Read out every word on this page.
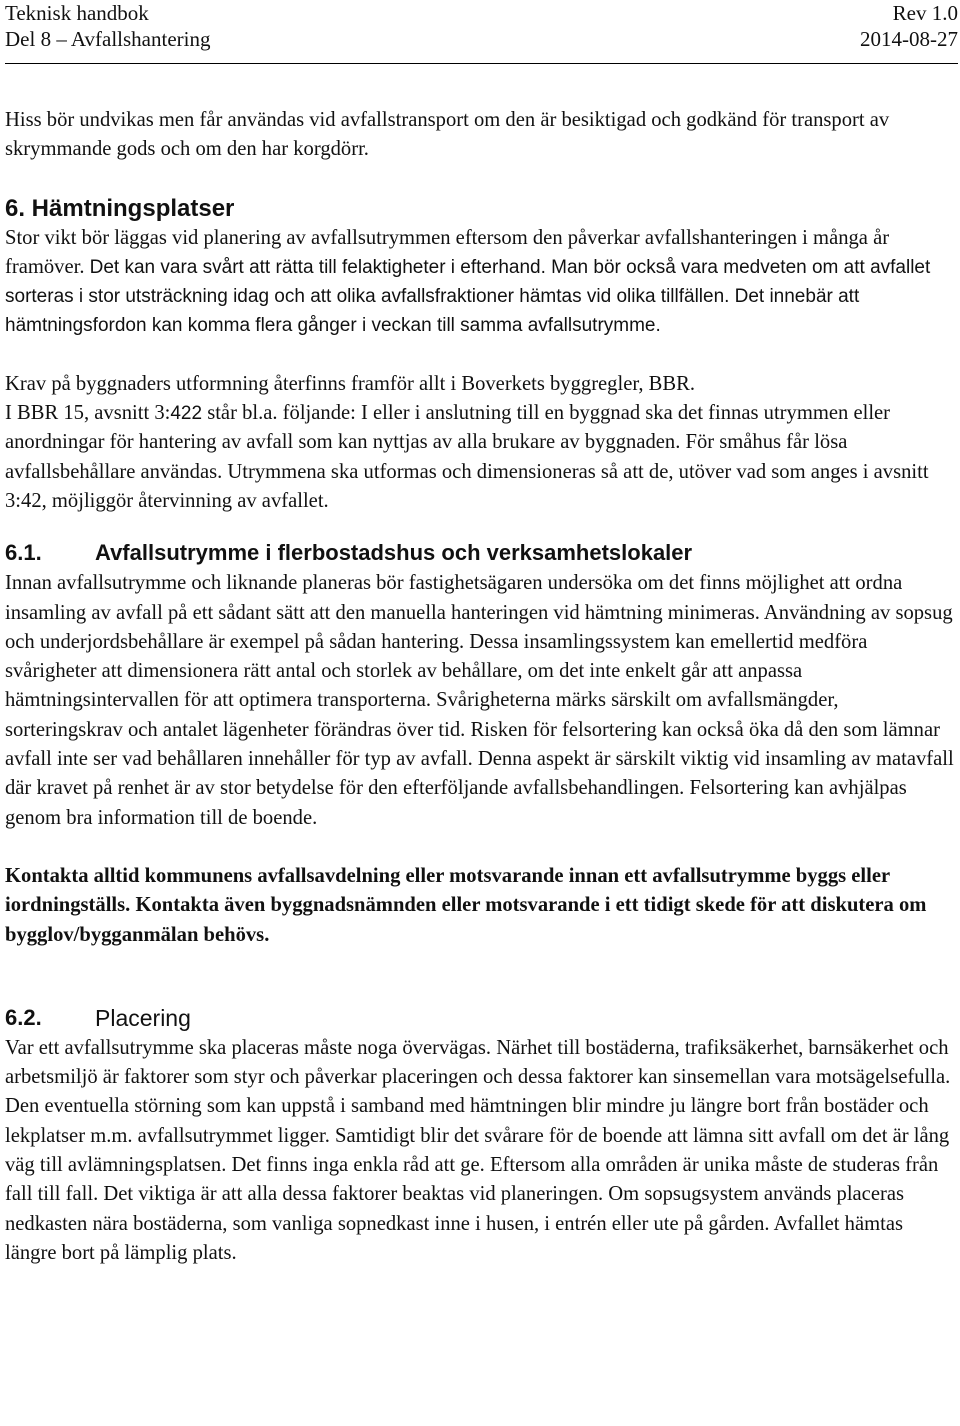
Teknisk handbok	Rev 1.0
Del 8 – Avfallshantering	2014-08-27

Hiss bör undvikas men får användas vid avfallstransport om den är besiktigad och godkänd för transport av skrymmande gods och om den har korgdörr.

6. Hämtningsplatser

Stor vikt bör läggas vid planering av avfallsutrymmen eftersom den påverkar avfallshanteringen i många år framöver. Det kan vara svårt att rätta till felaktigheter i efterhand. Man bör också vara medveten om att avfallet sorteras i stor utsträckning idag och att olika avfallsfraktioner hämtas vid olika tillfällen. Det innebär att hämtningsfordon kan komma flera gånger i veckan till samma avfallsutrymme.

Krav på byggnaders utformning återfinns framför allt i Boverkets byggregler, BBR.

I BBR 15, avsnitt 3:422 står bl.a. följande: I eller i anslutning till en byggnad ska det finnas utrymmen eller anordningar för hantering av avfall som kan nyttjas av alla brukare av byggnaden. För småhus får lösa avfallsbehållare användas. Utrymmena ska utformas och dimensioneras så att de, utöver vad som anges i avsnitt 3:42, möjliggör återvinning av avfallet.

6.1.	Avfallsutrymme i flerbostadshus och verksamhetslokaler

Innan avfallsutrymme och liknande planeras bör fastighetsägaren undersöka om det finns möjlighet att ordna insamling av avfall på ett sådant sätt att den manuella hanteringen vid hämtning minimeras. Användning av sopsug och underjordsbehållare är exempel på sådan hantering. Dessa insamlingssystem kan emellertid medföra svårigheter att dimensionera rätt antal och storlek av behållare, om det inte enkelt går att anpassa hämtningsintervallen för att optimera transporterna. Svårigheterna märks särskilt om avfallsmängder, sorteringskrav och antalet lägenheter förändras över tid. Risken för felsortering kan också öka då den som lämnar avfall inte ser vad behållaren innehåller för typ av avfall. Denna aspekt är särskilt viktig vid insamling av matavfall där kravet på renhet är av stor betydelse för den efterföljande avfallsbehandlingen. Felsortering kan avhjälpas genom bra information till de boende.

Kontakta alltid kommunens avfallsavdelning eller motsvarande innan ett avfallsutrymme byggs eller iordningställs. Kontakta även byggnadsnämnden eller motsvarande i ett tidigt skede för att diskutera om bygglov/bygganmälan behövs.

6.2.	Placering

Var ett avfallsutrymme ska placeras måste noga övervägas. Närhet till bostäderna, trafiksäkerhet, barnsäkerhet och arbetsmiljö är faktorer som styr och påverkar placeringen och dessa faktorer kan sinsemellan vara motsägelsefulla. Den eventuella störning som kan uppstå i samband med hämtningen blir mindre ju längre bort från bostäder och lekplatser m.m. avfallsutrymmet ligger. Samtidigt blir det svårare för de boende att lämna sitt avfall om det är lång väg till avlämningsplatsen. Det finns inga enkla råd att ge. Eftersom alla områden är unika måste de studeras från fall till fall. Det viktiga är att alla dessa faktorer beaktas vid planeringen. Om sopsugsystem används placeras nedkasten nära bostäderna, som vanliga sopnedkast inne i husen, i entrén eller ute på gården. Avfallet hämtas längre bort på lämplig plats.
